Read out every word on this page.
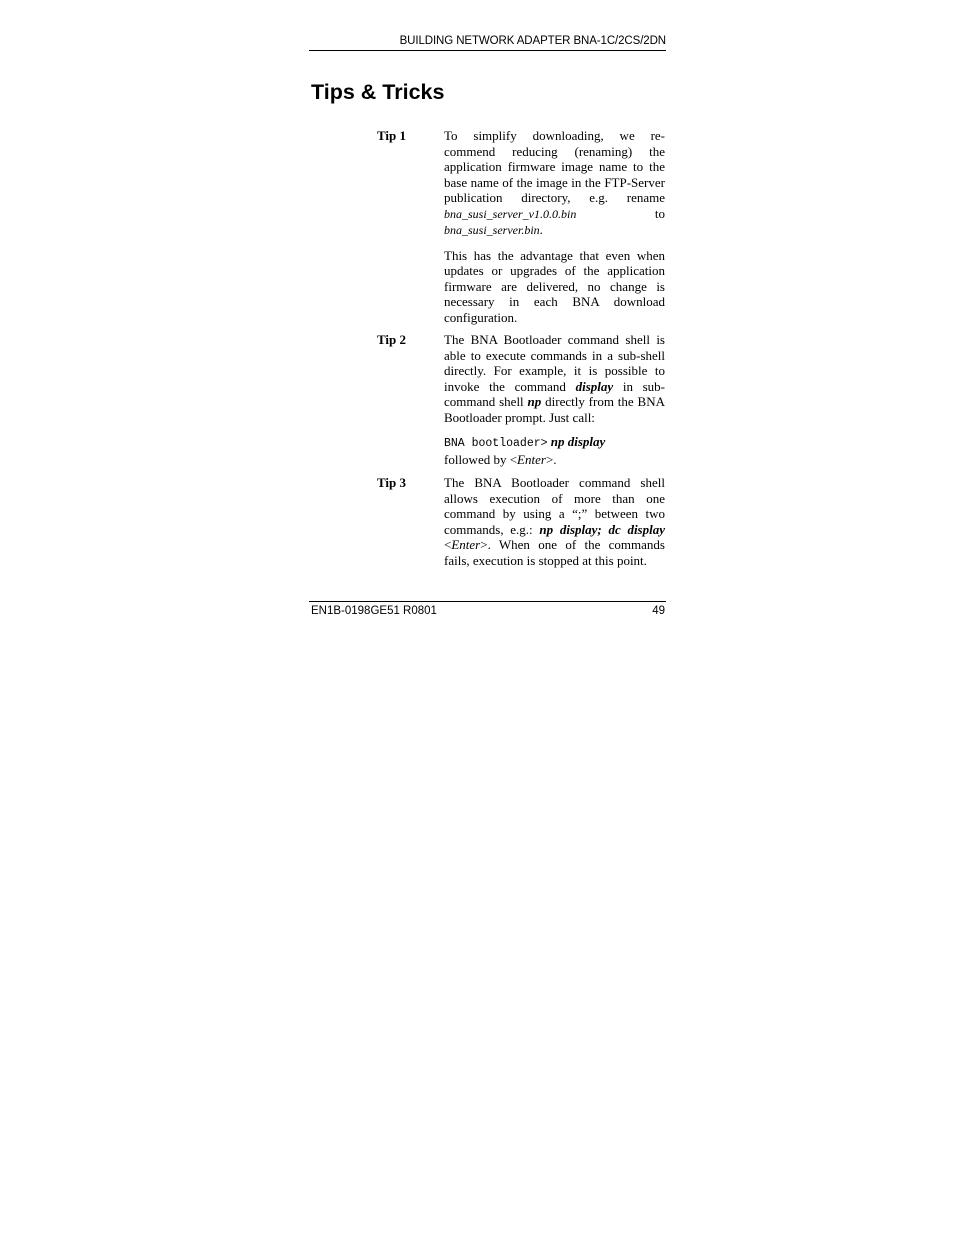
BUILDING NETWORK ADAPTER BNA-1C/2CS/2DN
Tips & Tricks
Tip 1	To simplify downloading, we re-commend reducing (renaming) the application firmware image name to the base name of the image in the FTP-Server publication directory, e.g. rename bna_susi_server_v1.0.0.bin	to bna_susi_server.bin.

This has the advantage that even when updates or upgrades of the application firmware are delivered, no change is necessary in each BNA download configuration.

Tip 2	The BNA Bootloader command shell is able to execute commands in a sub-shell directly. For example, it is possible to invoke the command display in sub-command shell np directly from the BNA Bootloader prompt. Just call:

BNA bootloader> np display
followed by <Enter>.

Tip 3	The BNA Bootloader command shell allows execution of more than one command by using a “;” between two commands, e.g.: np display; dc display <Enter>. When one of the commands fails, execution is stopped at this point.

EN1B-0198GE51 R0801	49
